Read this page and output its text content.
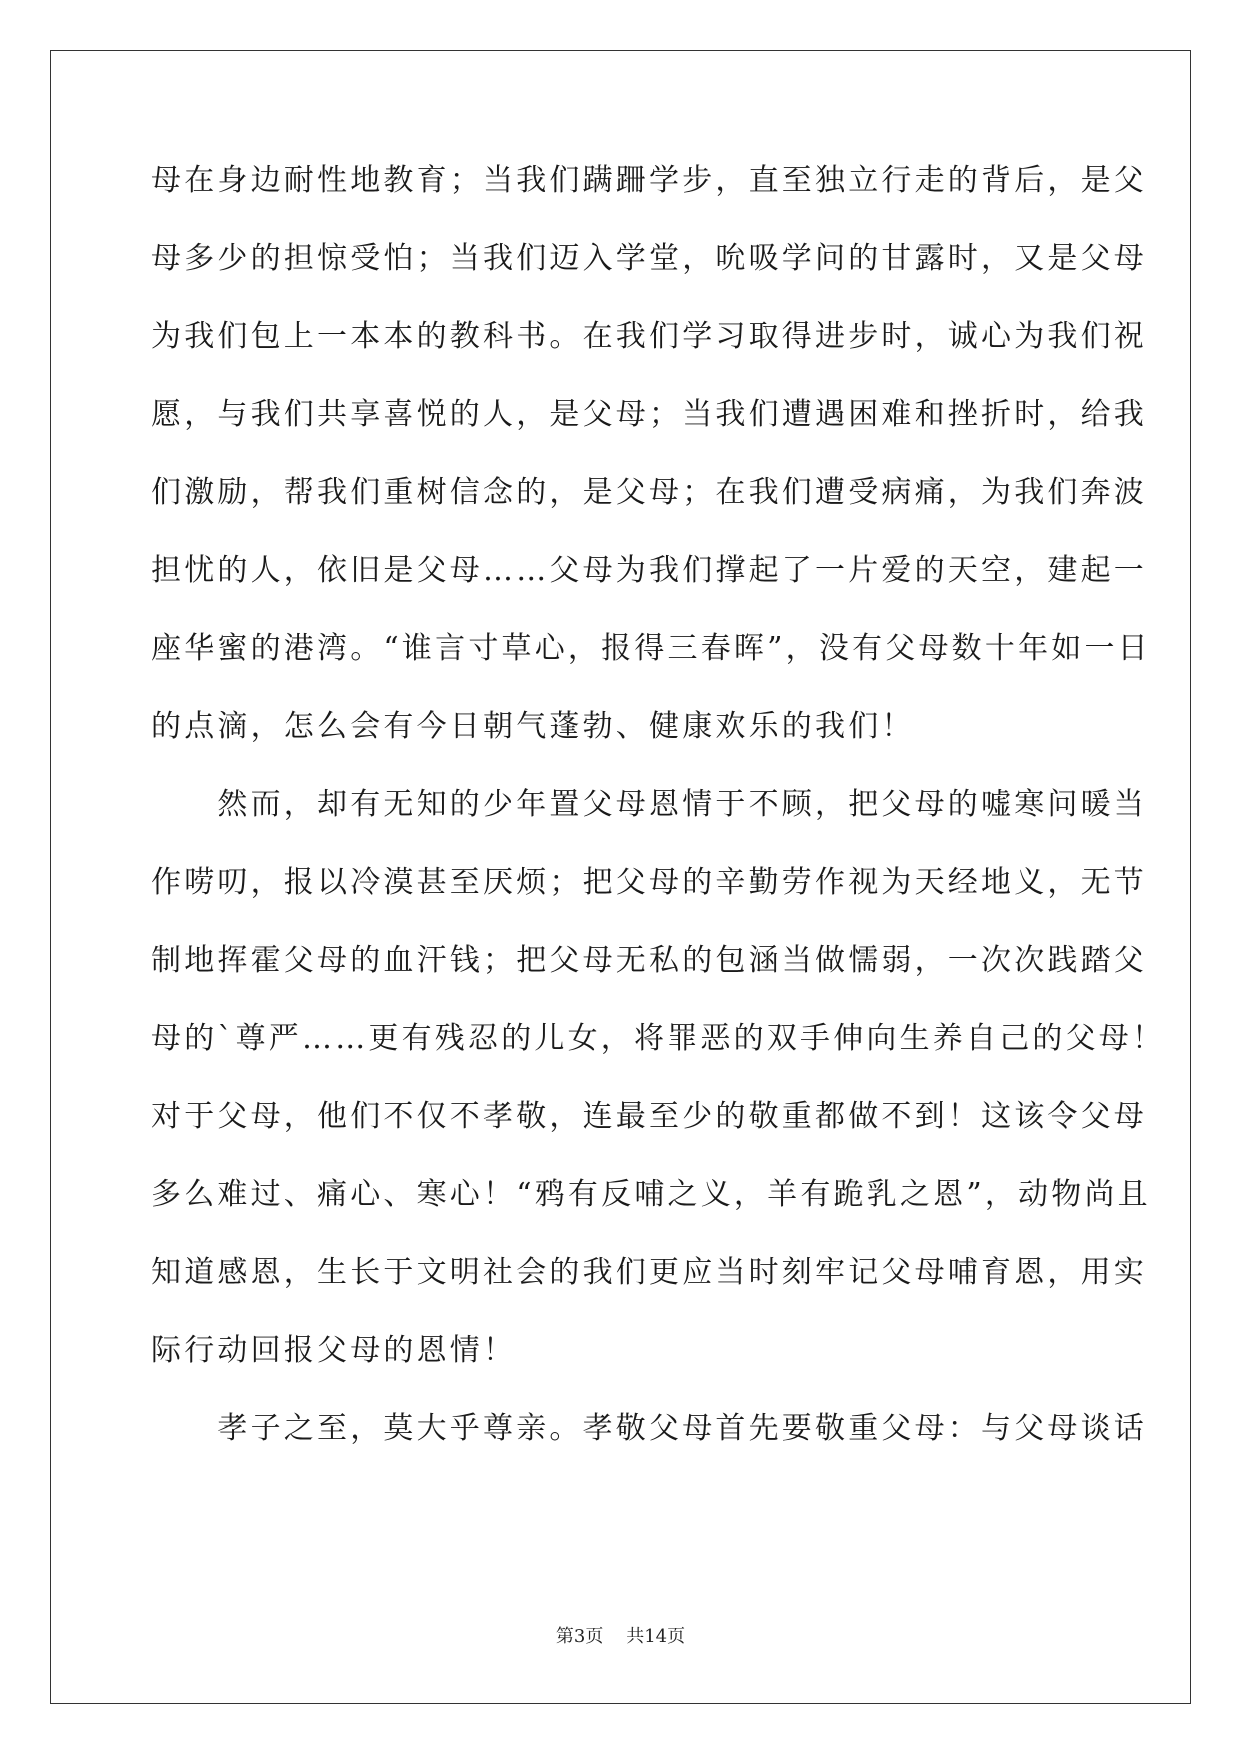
母在身边耐性地教育；当我们蹒跚学步，直至独立行走的背后，是父
母多少的担惊受怕；当我们迈入学堂，吮吸学问的甘露时，又是父母
为我们包上一本本的教科书。在我们学习取得进步时，诚心为我们祝
愿，与我们共享喜悦的人，是父母；当我们遭遇困难和挫折时，给我
们激励，帮我们重树信念的，是父母；在我们遭受病痛，为我们奔波
担忧的人，依旧是父母……父母为我们撑起了一片爱的天空，建起一
座华蜜的港湾。“谁言寸草心，报得三春晖”，没有父母数十年如一日
的点滴，怎么会有今日朝气蓬勃、健康欢乐的我们！
　　然而，却有无知的少年置父母恩情于不顾，把父母的嘘寒问暖当
作唠叨，报以冷漠甚至厌烦；把父母的辛勤劳作视为天经地义，无节
制地挥霍父母的血汗钱；把父母无私的包涵当做懦弱，一次次践踏父
母的`尊严……更有残忍的儿女，将罪恶的双手伸向生养自己的父母！
对于父母，他们不仅不孝敬，连最至少的敬重都做不到！这该令父母
多么难过、痛心、寒心！“鸦有反哺之义，羊有跪乳之恩”，动物尚且
知道感恩，生长于文明社会的我们更应当时刻牢记父母哺育恩，用实
际行动回报父母的恩情！
　　孝子之至，莫大乎尊亲。孝敬父母首先要敬重父母：与父母谈话
第3页 共14页
